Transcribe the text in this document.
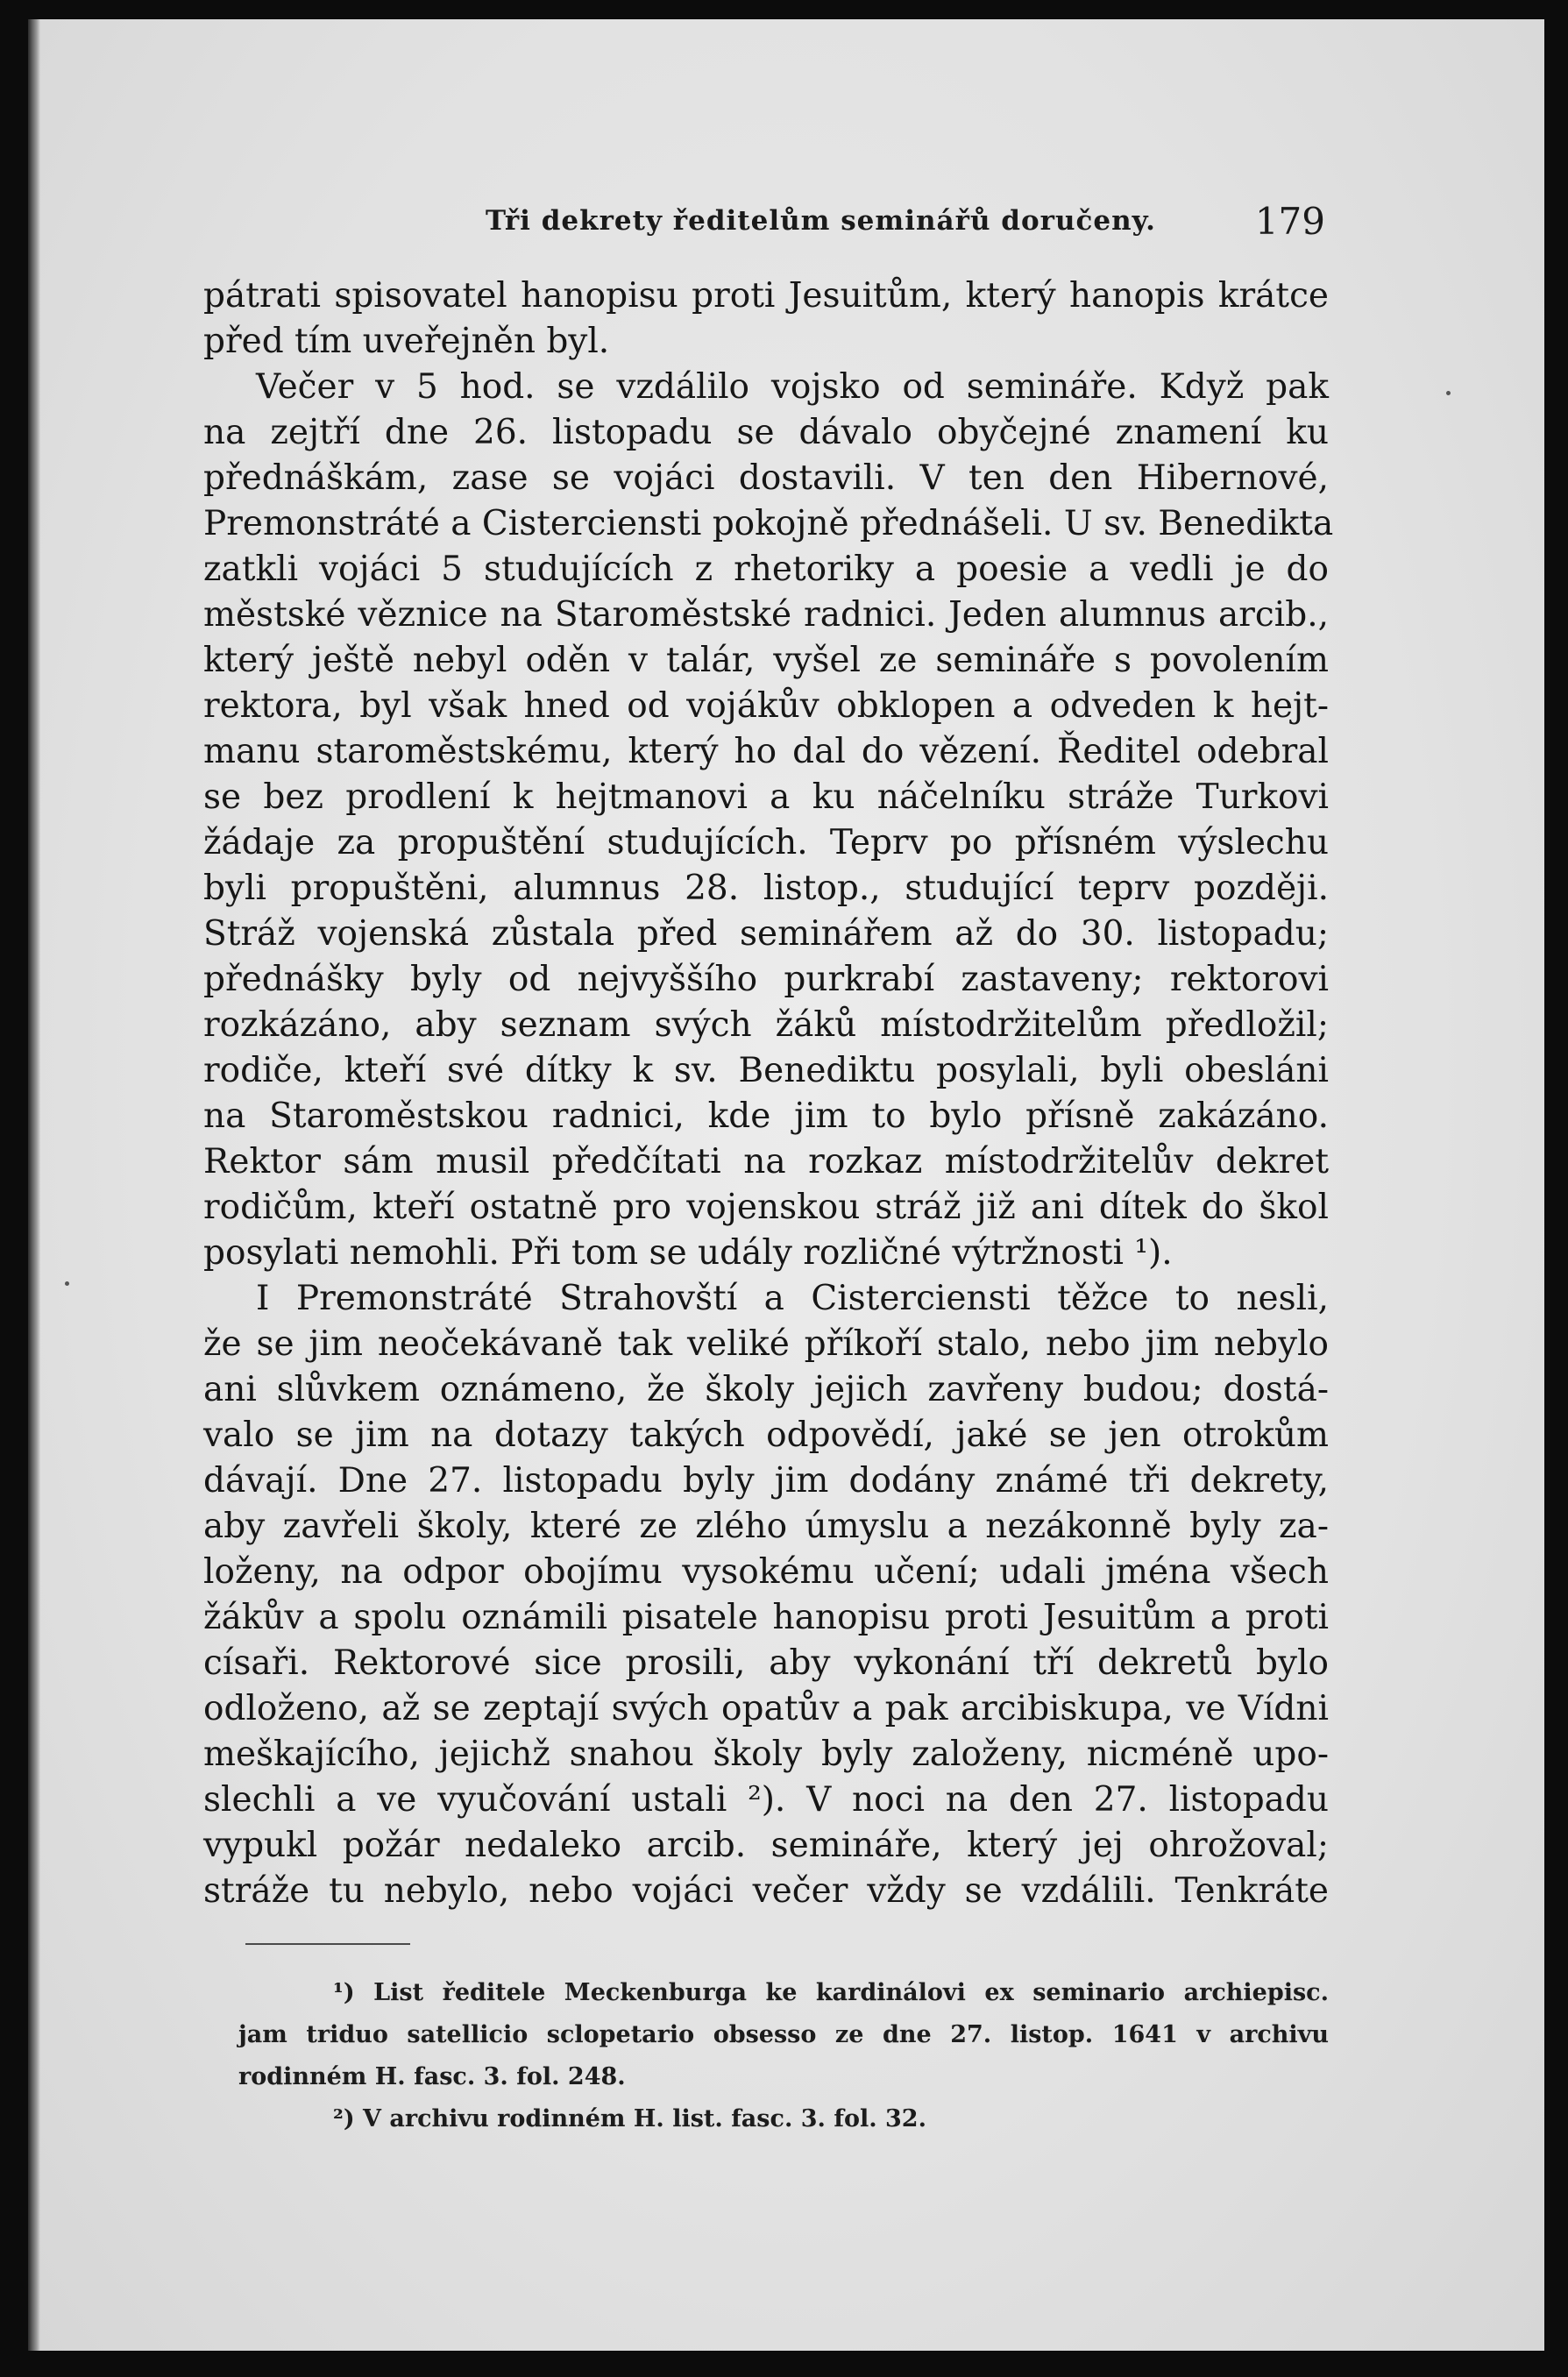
Tři dekrety ředitelům seminářů doručeny.	179
pátrati spisovatel hanopisu proti Jesuitům, který hanopis krátce
před tím uveřejněn byl.
Večer v 5 hod. se vzdálilo vojsko od semináře. Když pak
na zejtří dne 26. listopadu se dávalo obyčejné znamení ku
přednáškám, zase se vojáci dostavili. V ten den Hibernové,
Premonstráté a Cisterciensti pokojně přednášeli. U sv. Benedikta
zatkli vojáci 5 studujících z rhetoriky a poesie a vedli je do
městské věznice na Staroměstské radnici. Jeden alumnus arcib.,
který ještě nebyl oděn v talár, vyšel ze semináře s povolením
rektora, byl však hned od vojákův obklopen a odveden k hejt-
manu staroměstskému, který ho dal do vězení. Ředitel odebral
se bez prodlení k hejtmanovi a ku náčelníku stráže Turkovi
žádaje za propuštění studujících. Teprv po přísném výslechu
byli propuštěni, alumnus 28. listop., studující teprv později.
Stráž vojenská zůstala před seminářem až do 30. listopadu;
přednášky byly od nejvyššího purkrabí zastaveny; rektorovi
rozkázáno, aby seznam svých žáků místodržitelům předložil;
rodiče, kteří své dítky k sv. Benediktu posylali, byli obesláni
na Staroměstskou radnici, kde jim to bylo přísně zakázáno.
Rektor sám musil předčítati na rozkaz místodržitelův dekret
rodičům, kteří ostatně pro vojenskou stráž již ani dítek do škol
posylati nemohli. Při tom se udály rozličné výtržnosti ¹).
I Premonstráté Strahovští a Cisterciensti těžce to nesli,
že se jim neočekávaně tak veliké příkoří stalo, nebo jim nebylo
ani slůvkem oznámeno, že školy jejich zavřeny budou; dostá-
valo se jim na dotazy takých odpovědí, jaké se jen otrokům
dávají. Dne 27. listopadu byly jim dodány známé tři dekrety,
aby zavřeli školy, které ze zlého úmyslu a nezákonně byly za-
loženy, na odpor obojímu vysokému učení; udali jména všech
žákův a spolu oznámili pisatele hanopisu proti Jesuitům a proti
císaři. Rektorové sice prosili, aby vykonání tří dekretů bylo
odloženo, až se zeptají svých opatův a pak arcibiskupa, ve Vídni
meškajícího, jejichž snahou školy byly založeny, nicméně upo-
slechli a ve vyučování ustali ²). V noci na den 27. listopadu
vypukl požár nedaleko arcib. semináře, který jej ohrožoval;
stráže tu nebylo, nebo vojáci večer vždy se vzdálili. Tenkráte
¹) List ředitele Meckenburga ke kardinálovi ex seminario archiepisc.
jam triduo satellicio sclopetario obsesso ze dne 27. listop. 1641 v archivu
rodinném H. fasc. 3. fol. 248.
²) V archivu rodinném H. list. fasc. 3. fol. 32.
